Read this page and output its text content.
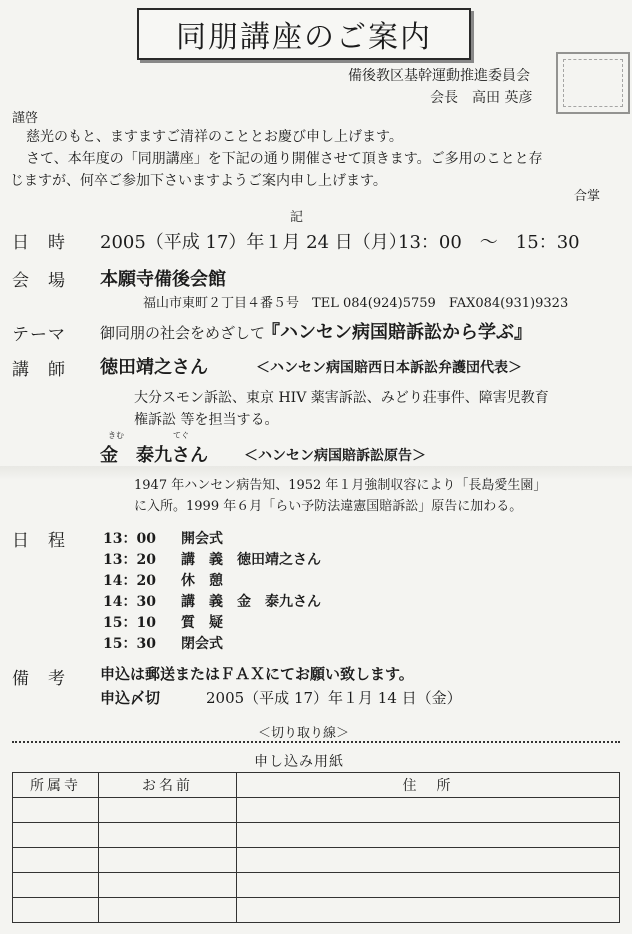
同朋講座のご案内
備後教区基幹運動推進委員会
会長　 高田 英彦
謹啓
慈光のもと、ますますご清祥のこととお慶び申し上げます。
さて、本年度の「同朋講座」を下記の通り開催させて頂きます。ご多用のことと存
じますが、何卒ご参加下さいますようご案内申し上げます。
合掌
記
日　時 2005（平成 17）年１月 24 日（月）
13：00　～　15：30
会　場 本願寺備後会館
福山市東町２丁目４番５号　 TEL 084(924)5759　 FAX084(931)9323
テーマ 御同朋の社会をめざして
『ハンセン病国賠訴訟から学ぶ』
講　師 徳田靖之さん	＜ハンセン病国賠西日本訴訟弁護団代表＞
大分スモン訴訟、東京 HIV 薬害訴訟、みどり荘事件、障害児教育
権訴訟 等を担当する。
きむ	てぐ
金　泰九さん	＜ハンセン病国賠訴訟原告＞
1947 年ハンセン病告知、1952 年１月強制収容により「長島愛生園」
に入所。1999 年６月「らい予防法違憲国賠訴訟」原告に加わる。
日　程	13：00 開会式
13：20 講　義　徳田靖之さん
14：20 休　憩
14：30 講　義　金　泰九さん
15：10 質　疑
15：30 閉会式
備　考 申込は郵送またはＦＡＸにてお願い致します。
申込〆切	2005（平成 17）年１月 14 日（金）
＜切り取り線＞
申し込み用紙
所属寺	お名前	住　所
